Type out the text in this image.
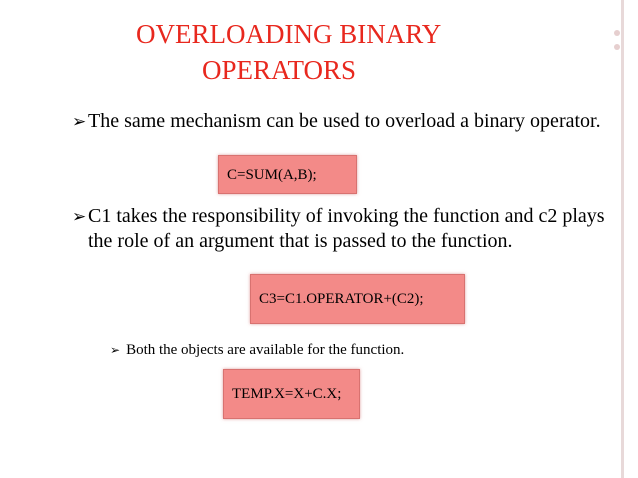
OVERLOADING BINARY
OPERATORS
➢ The same mechanism can be used to overload a binary operator.
➢ C1 takes the responsibility of invoking the function and c2 plays the role of an argument that is passed to the function.
➢ Both the objects are available for the function.
C=SUM(A,B);
C3=C1.OPERATOR+(C2);
TEMP.X=X+C.X;
